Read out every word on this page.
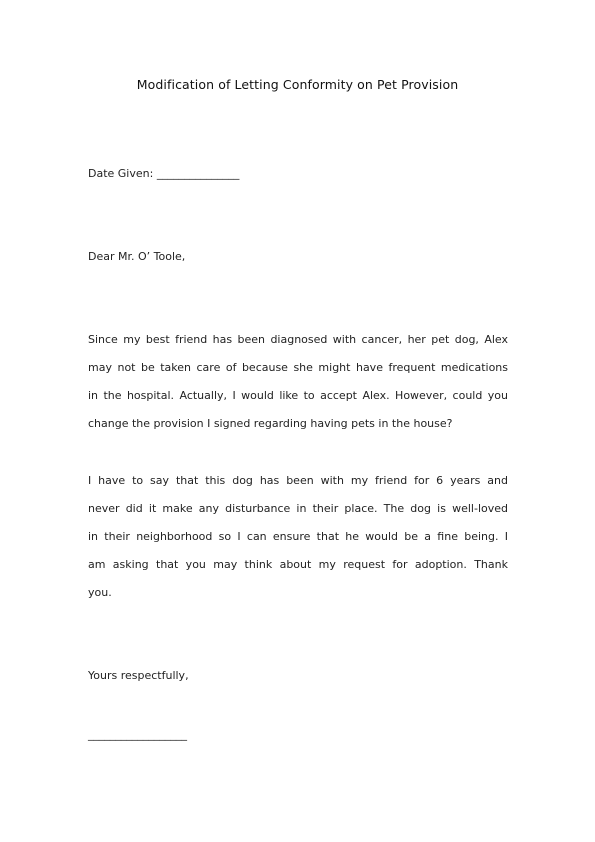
Modification of Letting Conformity on Pet Provision
Date Given: _______________
Dear Mr. O’ Toole,
Since my best friend has been diagnosed with cancer, her pet dog, Alex
may not be taken care of because she might have frequent medications
in the hospital. Actually, I would like to accept Alex. However, could you
change the provision I signed regarding having pets in the house?
I have to say that this dog has been with my friend for 6 years and
never did it make any disturbance in their place. The dog is well-loved
in their neighborhood so I can ensure that he would be a fine being. I
am asking that you may think about my request for adoption. Thank
you.
Yours respectfully,
__________________
